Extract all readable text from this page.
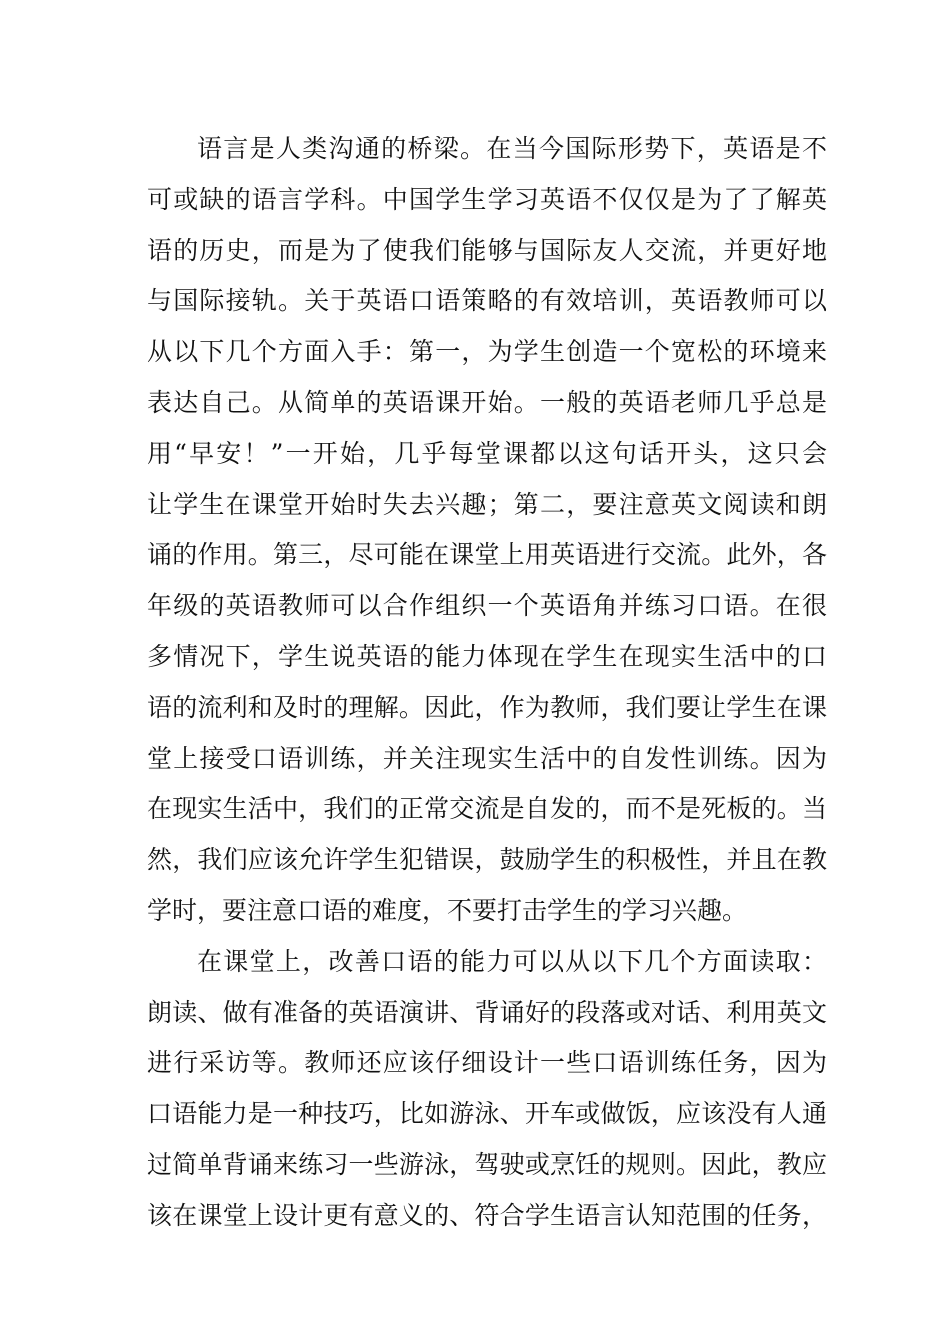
语言是人类沟通的桥梁。在当今国际形势下，英语是不
可或缺的语言学科。中国学生学习英语不仅仅是为了了解英
语的历史，而是为了使我们能够与国际友人交流，并更好地
与国际接轨。关于英语口语策略的有效培训，英语教师可以
从以下几个方面入手：第一，为学生创造一个宽松的环境来
表达自己。从简单的英语课开始。一般的英语老师几乎总是
用“早安！”一开始，几乎每堂课都以这句话开头，这只会
让学生在课堂开始时失去兴趣；第二，要注意英文阅读和朗
诵的作用。第三，尽可能在课堂上用英语进行交流。此外，各
年级的英语教师可以合作组织一个英语角并练习口语。在很
多情况下，学生说英语的能力体现在学生在现实生活中的口
语的流利和及时的理解。因此，作为教师，我们要让学生在课
堂上接受口语训练，并关注现实生活中的自发性训练。因为
在现实生活中，我们的正常交流是自发的，而不是死板的。当
然，我们应该允许学生犯错误，鼓励学生的积极性，并且在教
学时，要注意口语的难度，不要打击学生的学习兴趣。
在课堂上，改善口语的能力可以从以下几个方面读取：
朗读、做有准备的英语演讲、背诵好的段落或对话、利用英文
进行采访等。教师还应该仔细设计一些口语训练任务，因为
口语能力是一种技巧，比如游泳、开车或做饭，应该没有人通
过简单背诵来练习一些游泳，驾驶或烹饪的规则。因此，教应
该在课堂上设计更有意义的、符合学生语言认知范围的任务，
